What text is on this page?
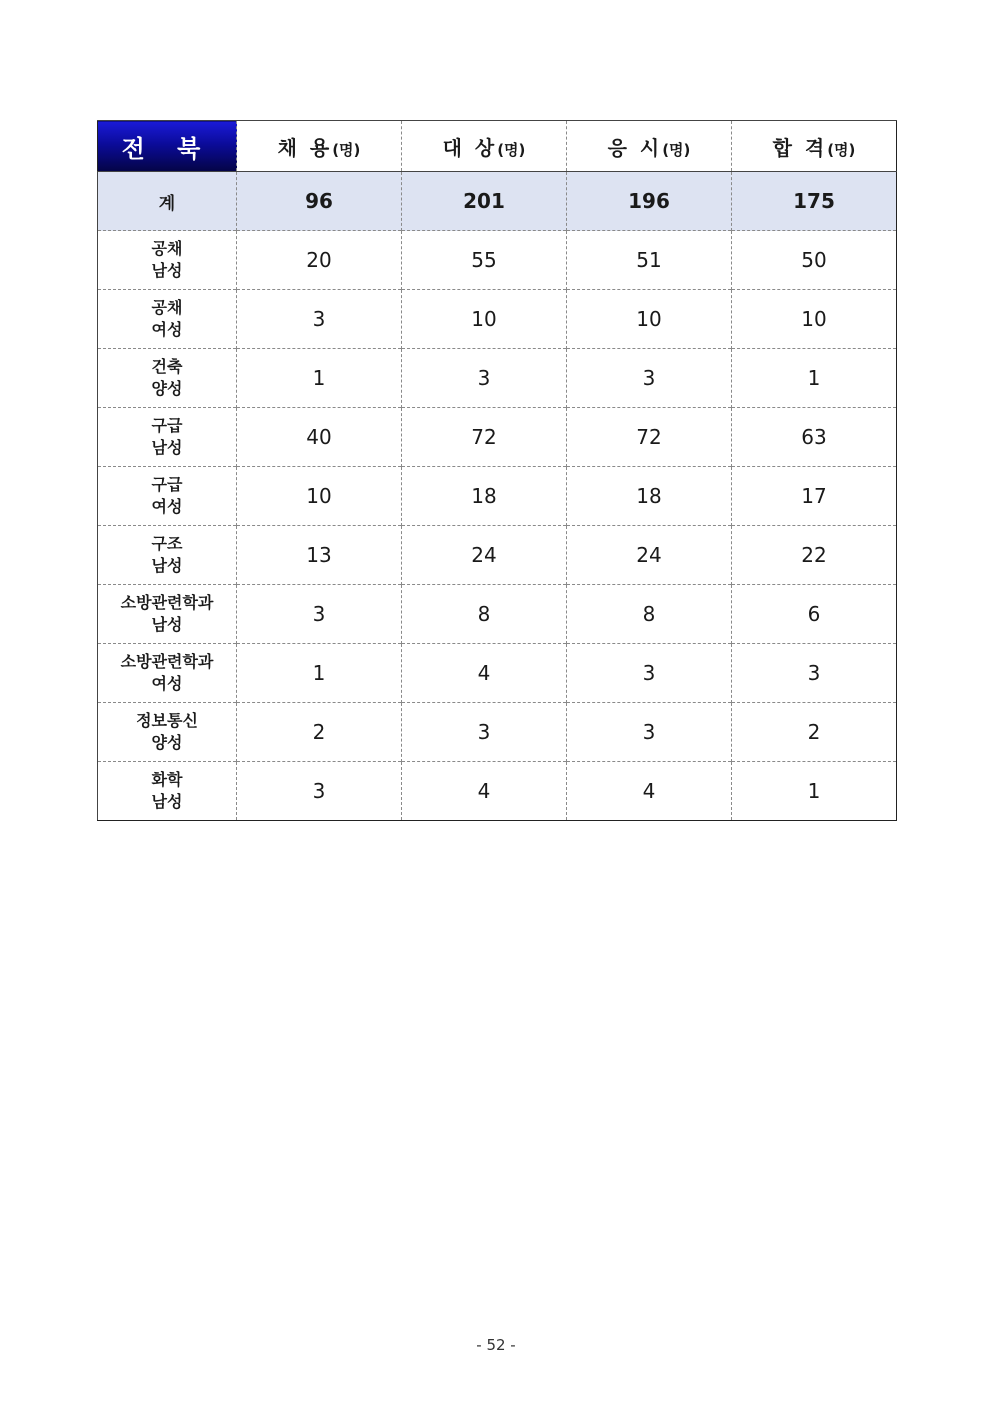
전 북	채 용(명)	대 상(명)	응 시(명)	합 격(명)
계	96	201	196	175

공채
남성	20	55	51	50

공채
여성	3	10	10	10

건축
양성	1	3	3	1

구급
남성	40	72	72	63

구급
여성	10	18	18	17

구조
남성	13	24	24	22

소방관련학과
남성	3	8	8	6

소방관련학과
여성	1	4	3	3

정보통신
양성	2	3	3	2

화학
남성	3	4	4	1
- 52 -
